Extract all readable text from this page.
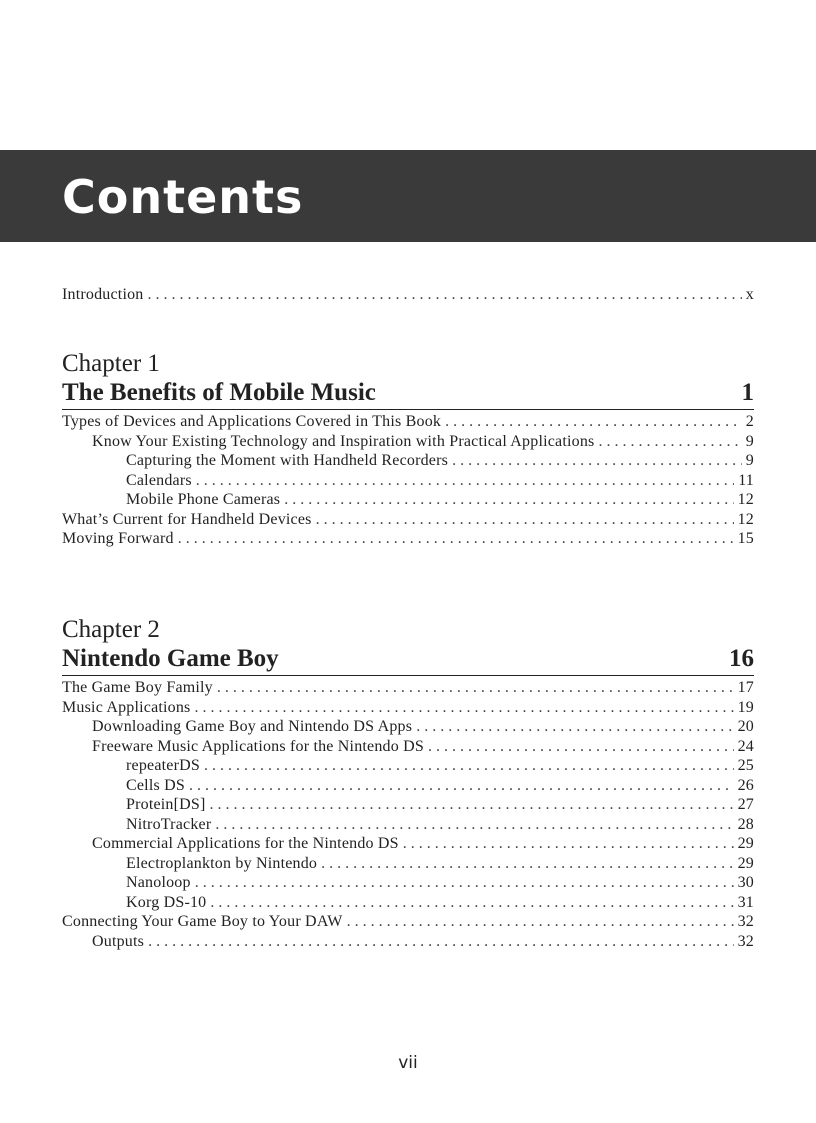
Contents
Introduction . . .	x
Chapter 1
The Benefits of Mobile Music	1
Types of Devices and Applications Covered in This Book . . .	2
Know Your Existing Technology and Inspiration with Practical Applications . . .	9
Capturing the Moment with Handheld Recorders . . .	9
Calendars . . .	11
Mobile Phone Cameras . . .	12
What’s Current for Handheld Devices . . .	12
Moving Forward . . .	15
Chapter 2
Nintendo Game Boy	16
The Game Boy Family . . .	17
Music Applications . . .	19
Downloading Game Boy and Nintendo DS Apps . . .	20
Freeware Music Applications for the Nintendo DS . . .	24
repeaterDS . . .	25
Cells DS . . .	26
Protein[DS] . . .	27
NitroTracker . . .	28
Commercial Applications for the Nintendo DS . . .	29
Electroplankton by Nintendo . . .	29
Nanoloop . . .	30
Korg DS-10 . . .	31
Connecting Your Game Boy to Your DAW . . .	32
Outputs . . .	32
vii
